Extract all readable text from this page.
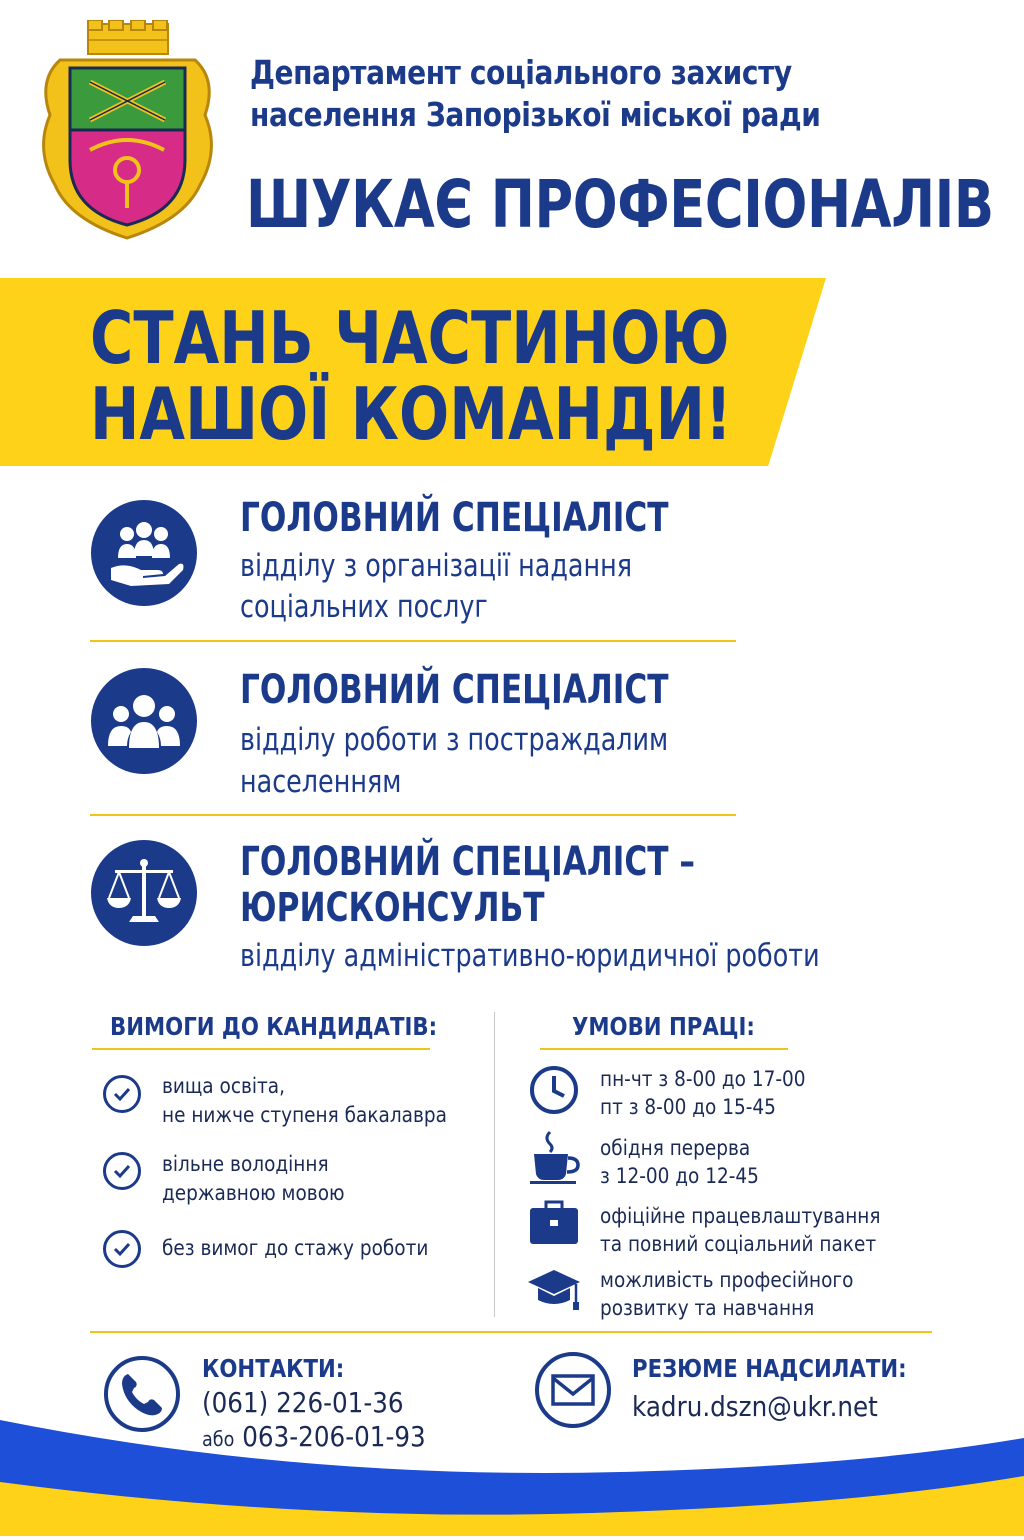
Департамент соціального захисту
населення Запорізької міської ради
ШУКАЄ ПРОФЕСІОНАЛІВ
СТАНЬ ЧАСТИНОЮ
НАШОЇ КОМАНДИ!
ГОЛОВНИЙ СПЕЦІАЛІСТ
відділу з організації надання
соціальних послуг
ГОЛОВНИЙ СПЕЦІАЛІСТ
відділу роботи з постраждалим
населенням
ГОЛОВНИЙ СПЕЦІАЛІСТ –
ЮРИСКОНСУЛЬТ
відділу адміністративно-юридичної роботи
ВИМОГИ ДО КАНДИДАТІВ:
вища освіта,
не нижче ступеня бакалавра
вільне володіння
державною мовою
без вимог до стажу роботи
УМОВИ ПРАЦІ:
пн-чт з 8-00 до 17-00
пт з 8-00 до 15-45
обідня перерва
з 12-00 до 12-45
офіційне працевлаштування
та повний соціальний пакет
можливість професійного
розвитку та навчання
КОНТАКТИ:
(061) 226-01-36
або 063-206-01-93
РЕЗЮМЕ НАДСИЛАТИ:
kadru.dszn@ukr.net
